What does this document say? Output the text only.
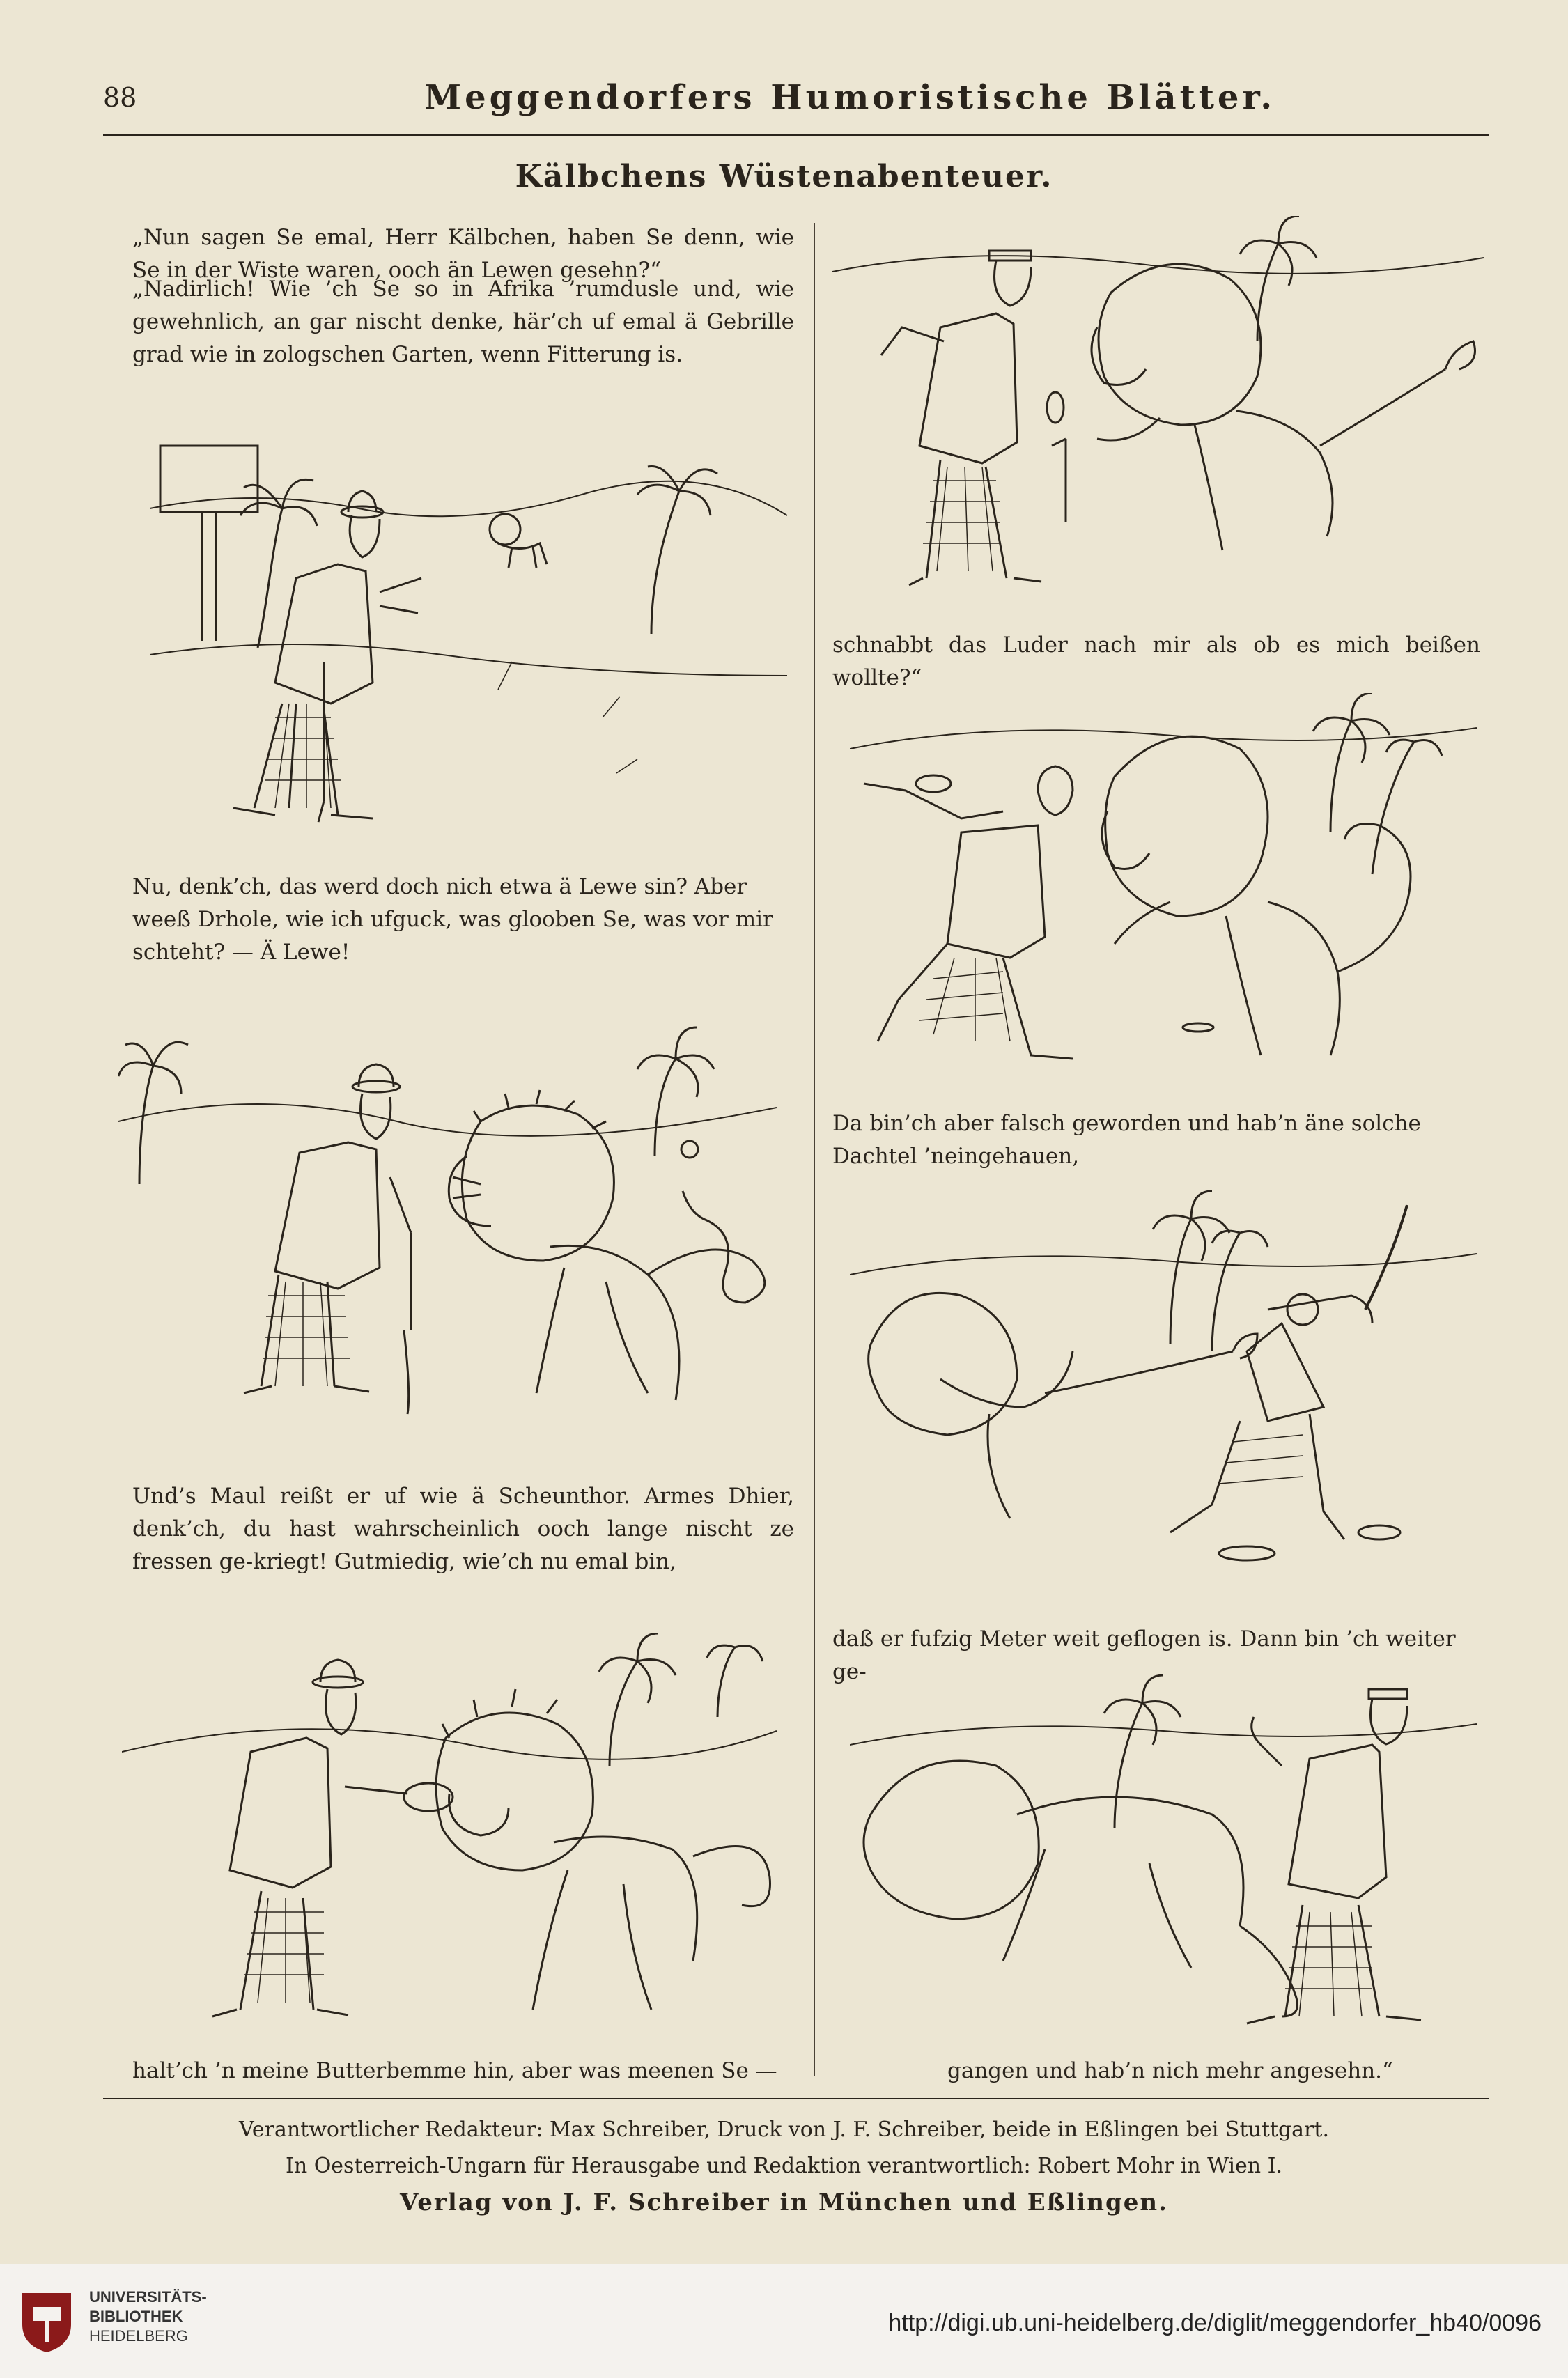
88	Meggendorfers Humoristische Blätter.
Kälbchens Wüstenabenteuer.
„Nun sagen Se emal, Herr Kälbchen, haben Se denn, wie Se in der Wiste waren, ooch än Lewen gesehn?“
„Nadirlich! Wie ’ch Se so in Afrika ’rumdusle und, wie gewehnlich, an gar nischt denke, här’ch uf emal ä Gebrille grad wie in zologschen Garten, wenn Fitterung is.
Nu, denk’ch, das werd doch nich etwa ä Lewe sin? Aber weeß Drhole, wie ich ufguck, was glooben Se, was vor mir schteht? — Ä Lewe!
Und’s Maul reißt er uf wie ä Scheunthor. Armes Dhier, denk’ch, du hast wahrscheinlich ooch lange nischt ze fressen ge-kriegt! Gutmiedig, wie’ch nu emal bin,
halt’ch ’n meine Butterbemme hin, aber was meenen Se —
schnabbt das Luder nach mir als ob es mich beißen wollte?“
Da bin’ch aber falsch geworden und hab’n äne solche Dachtel ’neingehauen,
daß er fufzig Meter weit geflogen is. Dann bin ’ch weiter ge-
gangen und hab’n nich mehr angesehn.“
Verantwortlicher Redakteur: Max Schreiber, Druck von J. F. Schreiber, beide in Eßlingen bei Stuttgart.
In Oesterreich-Ungarn für Herausgabe und Redaktion verantwortlich: Robert Mohr in Wien I.
Verlag von J. F. Schreiber in München und Eßlingen.
UNIVERSITÄTS-
BIBLIOTHEK
HEIDELBERG	http://digi.ub.uni-heidelberg.de/diglit/meggendorfer_hb40/0096
